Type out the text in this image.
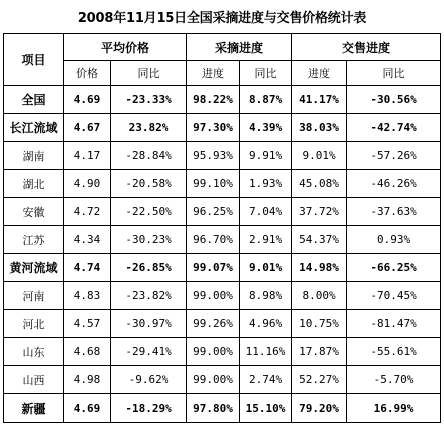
2008年11月15日全国采摘进度与交售价格统计表
项目	平均价格		采摘进度		交售进度	
	价格	同比	进度	同比	进度	同比
全国	4.69	-23.33%	98.22%	8.87%	41.17%	-30.56%
长江流域	4.67	23.82%	97.30%	4.39%	38.03%	-42.74%
湖南	4.17	-28.84%	95.93%	9.91%	9.01%	-57.26%
湖北	4.90	-20.58%	99.10%	1.93%	45.08%	-46.26%
安徽	4.72	-22.50%	96.25%	7.04%	37.72%	-37.63%
江苏	4.34	-30.23%	96.70%	2.91%	54.37%	0.93%
黄河流域	4.74	-26.85%	99.07%	9.01%	14.98%	-66.25%
河南	4.83	-23.82%	99.00%	8.98%	8.00%	-70.45%
河北	4.57	-30.97%	99.26%	4.96%	10.75%	-81.47%
山东	4.68	-29.41%	99.00%	11.16%	17.87%	-55.61%
山西	4.98	-9.62%	99.00%	2.74%	52.27%	-5.70%
新疆	4.69	-18.29%	97.80%	15.10%	79.20%	16.99%
